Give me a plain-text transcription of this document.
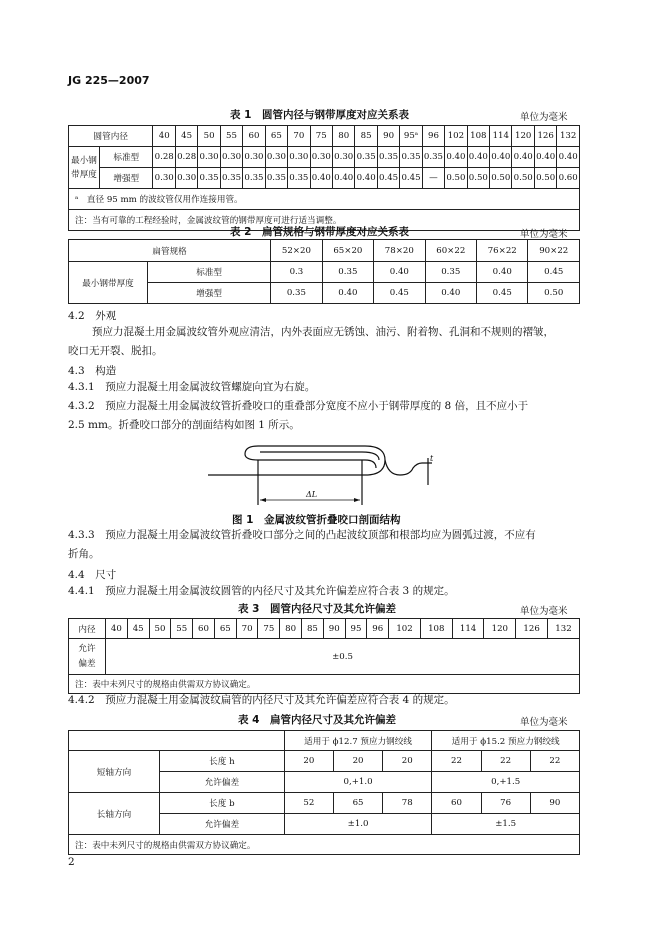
JG 225—2007
表 1　圆管内径与钢带厚度对应关系表	单位为毫米
圆管内径		40	45	50	55	60	65	70	75	80	85	90	95ᵃ	96	102	108	114	120	126	132
最小钢带厚度	标准型	0.28	0.28	0.30	0.30	0.30	0.30	0.30	0.30	0.30	0.35	0.35	0.35	0.35	0.40	0.40	0.40	0.40	0.40	0.40
	增强型	0.30	0.30	0.35	0.35	0.35	0.35	0.35	0.40	0.40	0.40	0.45	0.45	—	0.50	0.50	0.50	0.50	0.50	0.60
ᵃ　直径 95 mm 的波纹管仅用作连接用管。																				
注：当有可靠的工程经验时，金属波纹管的钢带厚度可进行适当调整。																				
表 2　扁管规格与钢带厚度对应关系表	单位为毫米
扁管规格		52×20	65×20	78×20	60×22	76×22	90×22
最小钢带厚度	标准型	0.3	0.35	0.40	0.35	0.40	0.45
	增强型	0.35	0.40	0.45	0.40	0.45	0.50
4.2　外观
预应力混凝土用金属波纹管外观应清洁，内外表面应无锈蚀、油污、附着物、孔洞和不规则的褶皱，
咬口无开裂、脱扣。
4.3　构造
4.3.1　预应力混凝土用金属波纹管螺旋向宜为右旋。
4.3.2　预应力混凝土用金属波纹管折叠咬口的重叠部分宽度不应小于钢带厚度的 8 倍，且不应小于
2.5 mm。折叠咬口部分的剖面结构如图 1 所示。
ΔL
t
图 1　金属波纹管折叠咬口剖面结构
4.3.3　预应力混凝土用金属波纹管折叠咬口部分之间的凸起波纹顶部和根部均应为圆弧过渡，不应有
折角。
4.4　尺寸
4.4.1　预应力混凝土用金属波纹圆管的内径尺寸及其允许偏差应符合表 3 的规定。
表 3　圆管内径尺寸及其允许偏差	单位为毫米
内径	40	45	50	55	60	65	70	75	80	85	90	95	96	102	108	114	120	126	132
允许
偏差	±0.5																		
注：表中未列尺寸的规格由供需双方协议确定。																			
4.4.2　预应力混凝土用金属波纹扁管的内径尺寸及其允许偏差应符合表 4 的规定。
表 4　扁管内径尺寸及其允许偏差	单位为毫米
		适用于 ϕ12.7 预应力钢绞线			适用于 ϕ15.2 预应力钢绞线		
短轴方向	长度 h	20	20	20	22	22	22
	允许偏差	0,+1.0			0,+1.5		
长轴方向	长度 b	52	65	78	60	76	90
	允许偏差	±1.0			±1.5		
注：表中未列尺寸的规格由供需双方协议确定。							
2
